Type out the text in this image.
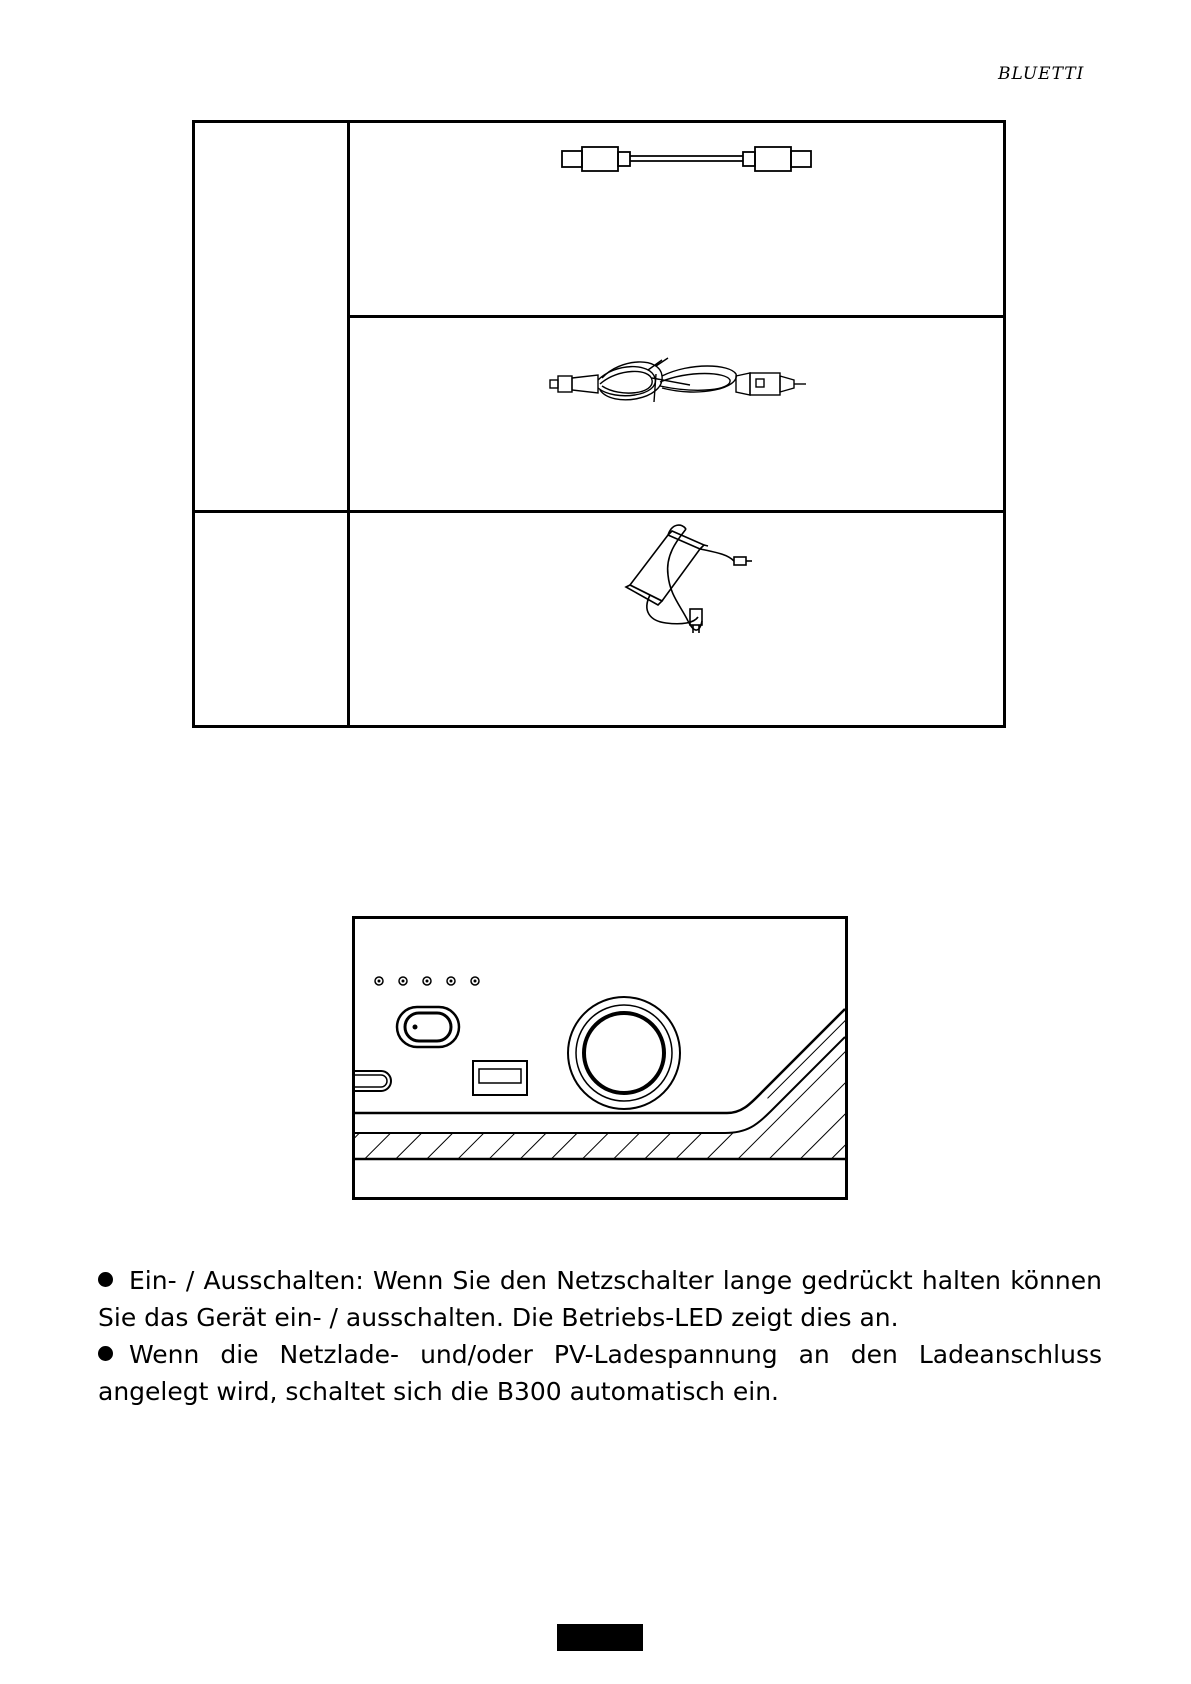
BLUETTI

Ein- / Ausschalten: Wenn Sie den Netzschalter lange gedrückt halten können Sie das Gerät ein- / ausschalten. Die Betriebs-LED zeigt dies an.

Wenn die Netzlade- und/oder PV-Ladespannung an den Ladeanschluss angelegt wird, schaltet sich die B300 automatisch ein.
